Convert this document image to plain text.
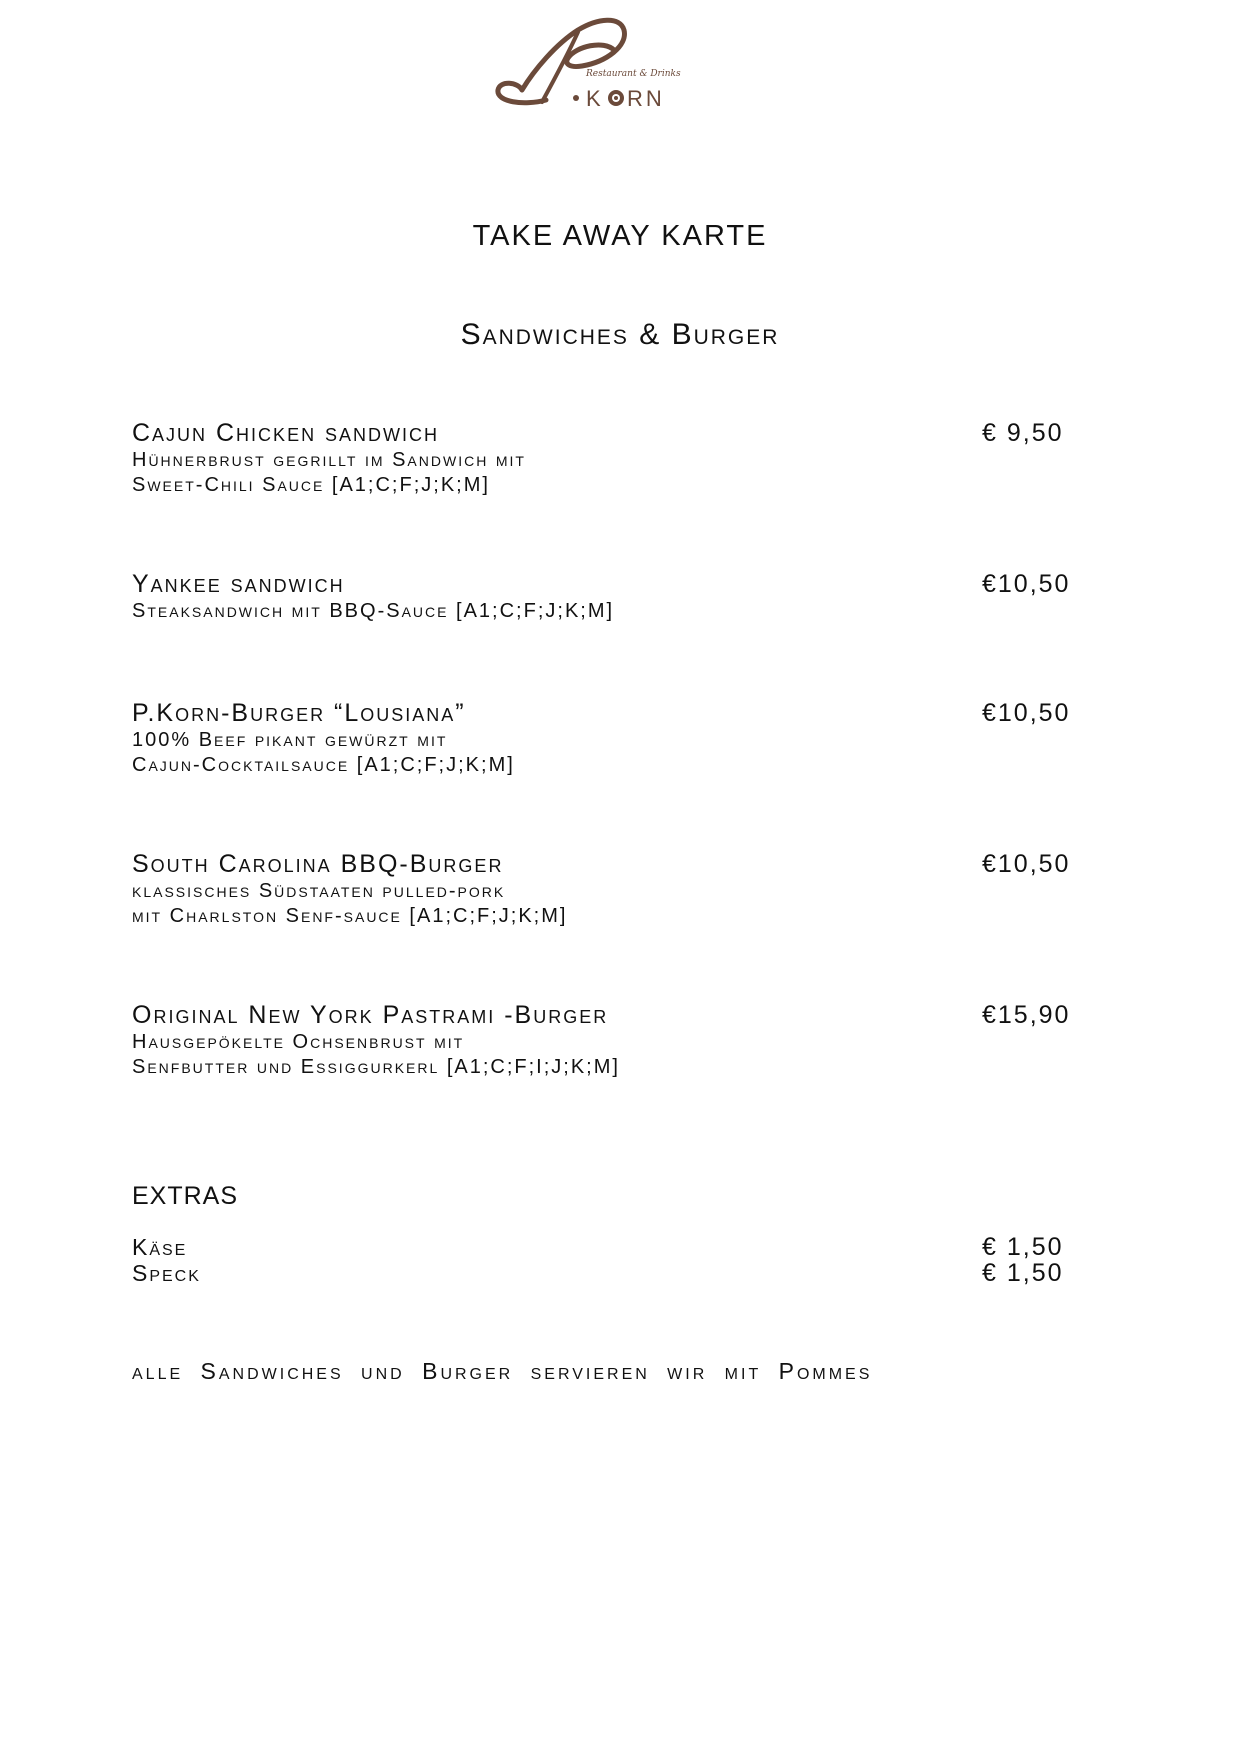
Restaurant & Drinks
K RN
TAKE AWAY KARTE
Sandwiches & Burger
Cajun Chicken sandwich
Hühnerbrust gegrillt im Sandwich mit
Sweet-Chili Sauce [A1;C;F;J;K;M]
€ 9,50
Yankee sandwich
Steaksandwich mit BBQ-Sauce [A1;C;F;J;K;M]
€10,50
P.Korn-Burger “Lousiana”
100% Beef pikant gewürzt mit
Cajun-Cocktailsauce [A1;C;F;J;K;M]
€10,50
South Carolina BBQ-Burger
klassisches Südstaaten pulled-pork
mit Charlston Senf-sauce [A1;C;F;J;K;M]
€10,50
Original New York Pastrami -Burger
Hausgepökelte Ochsenbrust mit
Senfbutter und Essiggurkerl [A1;C;F;I;J;K;M]
€15,90
EXTRAS
Käse	€ 1,50
Speck	€ 1,50
alle Sandwiches und Burger servieren wir mit Pommes
